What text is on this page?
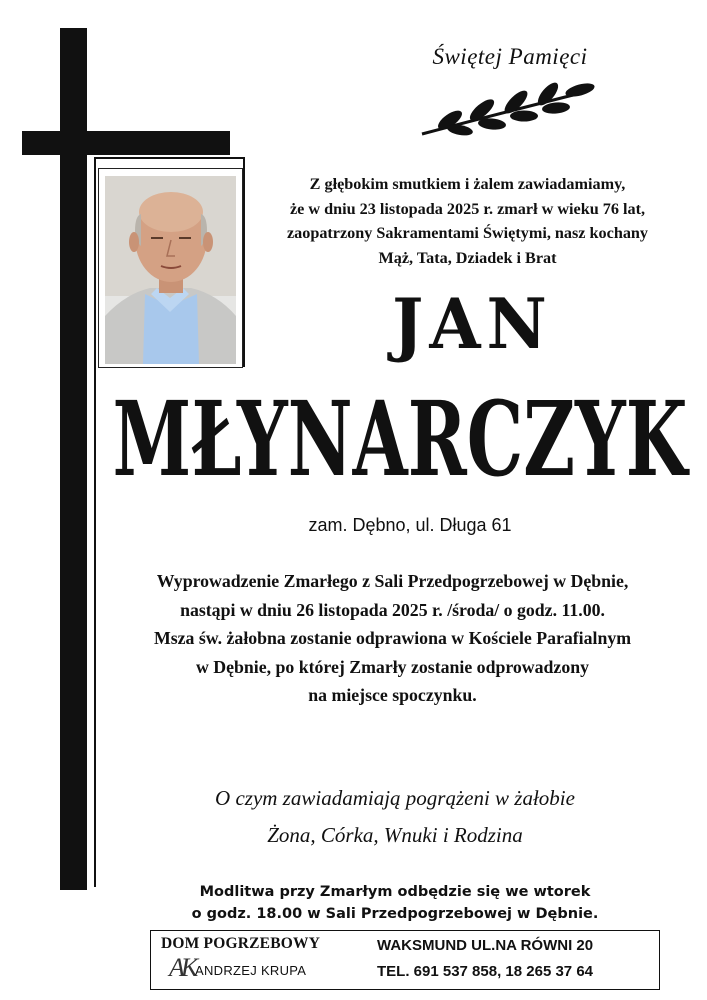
Świętej Pamięci
Z głębokim smutkiem i żalem zawiadamiamy,
że w dniu 23 listopada 2025 r. zmarł w wieku 76 lat,
zaopatrzony Sakramentami Świętymi, nasz kochany
Mąż, Tata, Dziadek i Brat
JAN
MŁYNARCZYK
zam. Dębno, ul. Długa 61
Wyprowadzenie Zmarłego z Sali Przedpogrzebowej w Dębnie,
nastąpi w dniu 26 listopada 2025 r. /środa/ o godz. 11.00.
Msza św. żałobna zostanie odprawiona w Kościele Parafialnym
w Dębnie, po której Zmarły zostanie odprowadzony
na miejsce spoczynku.
O czym zawiadamiają pogrążeni w żałobie
Żona, Córka, Wnuki i Rodzina
Modlitwa przy Zmarłym odbędzie się we wtorek
o godz. 18.00 w Sali Przedpogrzebowej w Dębnie.
DOM POGRZEBOWY
AK ANDRZEJ KRUPA
WAKSMUND UL.NA RÓWNI 20
TEL. 691 537 858, 18 265 37 64
